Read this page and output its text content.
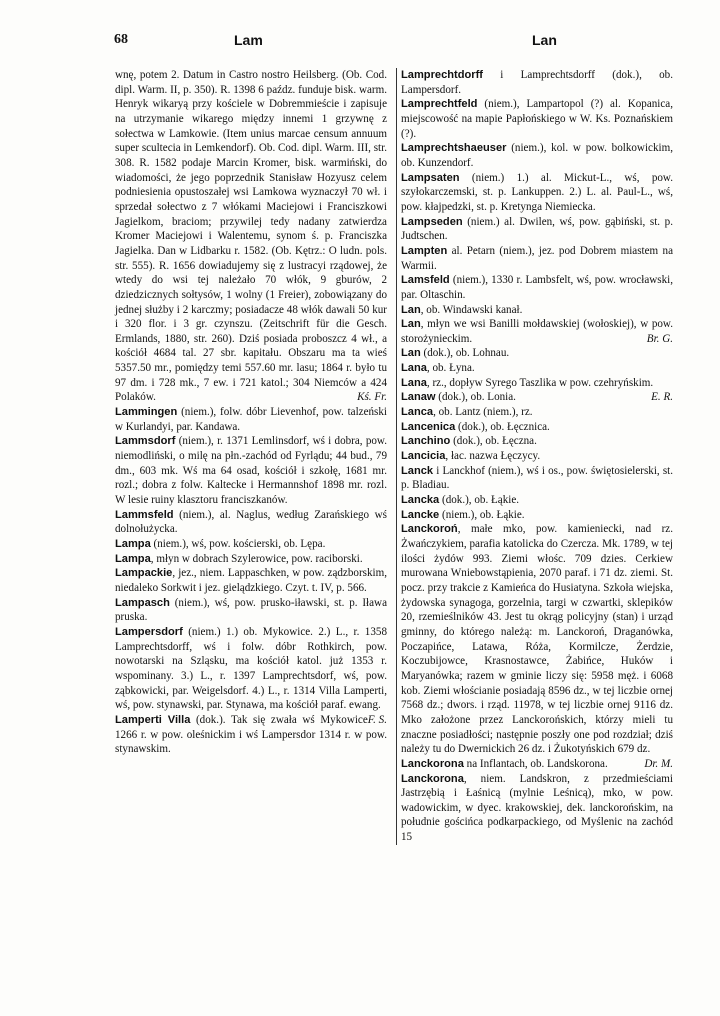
68	Lam	Lan

wnę, potem 2. Datum in Castro nostro Heilsberg. (Ob. Cod. dipl. Warm. II, p. 350). R. 1398 6 paźdz. funduje bisk. warm. Henryk wikaryą przy kościele w Dobremmieście i zapisuje na utrzymanie wikarego między innemi 1 grzywnę z sołectwa w Lamkowie. (Item unius marcae censum annuum super scultecia in Lemkendorf). Ob. Cod. dipl. Warm. III, str. 308. R. 1582 podaje Marcin Kromer, bisk. warmiński, do wiadomości, że jego poprzednik Stanisław Hozyusz celem podniesienia opustoszałej wsi Lamkowa wyznaczył 70 wł. i sprzedał sołectwo z 7 włókami Maciejowi i Franciszkowi Jagielkom, braciom; przywilej tedy nadany zatwierdza Kromer Maciejowi i Walentemu, synom ś. p. Franciszka Jagielka. Dan w Lidbarku r. 1582. (Ob. Kętrz.: O ludn. pols. str. 555). R. 1656 dowiadujemy się z lustracyi rządowej, że wtedy do wsi tej należało 70 włók, 9 gburów, 2 dziedzicznych sołtysów, 1 wolny (1 Freier), zobowiązany do jednej służby i 2 karczmy; posiadacze 48 włók dawali 50 kur i 320 flor. i 3 gr. czynszu. (Zeitschrift für die Gesch. Ermlands, 1880, str. 260). Dziś posiada proboszcz 4 wł., a kościół 4684 tal. 27 sbr. kapitału. Obszaru ma ta wieś 5357.50 mr., pomiędzy temi 557.60 mr. lasu; 1864 r. było tu 97 dm. i 728 mk., 7 ew. i 721 katol.; 304 Niemców a 424 Polaków.	Kś. Fr.

Lammingen (niem.), folw. dóbr Lievenhof, pow. talzeński w Kurlandyi, par. Kandawa.

Lammsdorf (niem.), r. 1371 Lemlinsdorf, wś i dobra, pow. niemodliński, o milę na płn.-zachód od Fyrlądu; 44 bud., 79 dm., 603 mk. Wś ma 64 osad, kościół i szkołę, 1681 mr. rozl.; dobra z folw. Kaltecke i Hermannshof 1898 mr. rozl. W lesie ruiny klasztoru franciszkanów.

Lammsfeld (niem.), al. Naglus, według Zarańskiego wś dolnołużycka.

Lampa (niem.), wś, pow. kościerski, ob. Lępa.

Lampa, młyn w dobrach Szylerowice, pow. raciborski.

Lampackie, jez., niem. Lappaschken, w pow. ządzborskim, niedaleko Sorkwit i jez. gielądzkiego. Czyt. t. IV, p. 566.

Lampasch (niem.), wś, pow. prusko-iławski, st. p. Iława pruska.

Lampersdorf (niem.) 1.) ob. Mykowice. 2.) L., r. 1358 Lamprechtsdorff, wś i folw. dóbr Rothkirch, pow. nowotarski na Szląsku, ma kościół katol. już 1353 r. wspominany. 3.) L., r. 1397 Lamprechtsdorf, wś, pow. ząbkowicki, par. Weigelsdorf. 4.) L., r. 1314 Villa Lamperti, wś, pow. stynawski, par. Stynawa, ma kościół paraf. ewang.
F. S.

Lamperti Villa (dok.). Tak się zwała wś Mykowice 1266 r. w pow. oleśnickim i wś Lampersdor 1314 r. w pow. stynawskim.

Lamprechtdorff i Lamprechtsdorff (dok.), ob. Lampersdorf.

Lamprechtfeld (niem.), Lampartopol (?) al. Kopanica, miejscowość na mapie Papłońskiego w W. Ks. Poznańskiem (?).

Lamprechtshaeuser (niem.), kol. w pow. bolkowickim, ob. Kunzendorf.

Lampsaten (niem.) 1.) al. Mickut-L., wś, pow. szyłokarczemski, st. p. Lankuppen. 2.) L. al. Paul-L., wś, pow. kłajpedzki, st. p. Kretynga Niemiecka.

Lampseden (niem.) al. Dwilen, wś, pow. gąbiński, st. p. Judtschen.

Lampten al. Petarn (niem.), jez. pod Dobrem miastem na Warmii.

Lamsfeld (niem.), 1330 r. Lambsfelt, wś, pow. wrocławski, par. Oltaschin.

Lan, ob. Windawski kanał.

Lan, młyn we wsi Banilli mołdawskiej (wołoskiej), w pow. storożynieckim.	Br. G.

Lan (dok.), ob. Lohnau.

Lana, ob. Łyna.

Lana, rz., dopływ Syrego Taszlika w pow. czehryńskim.
E. R.

Lanaw (dok.), ob. Lonia.

Lanca, ob. Lantz (niem.), rz.

Lancenica (dok.), ob. Łęcznica.

Lanchino (dok.), ob. Łęczna.

Lancicia, łac. nazwa Łęczycy.

Lanck i Lanckhof (niem.), wś i os., pow. świętosielerski, st. p. Bladiau.

Lancka (dok.), ob. Łąkie.

Lancke (niem.), ob. Łąkie.

Lanckoroń, małe mko, pow. kamieniecki, nad rz. Żwańczykiem, parafia katolicka do Czercza. Mk. 1789, w tej ilości żydów 993. Ziemi włośc. 709 dzies. Cerkiew murowana Wniebowstąpienia, 2070 paraf. i 71 dz. ziemi. St. pocz. przy trakcie z Kamieńca do Husiatyna. Szkoła wiejska, żydowska synagoga, gorzelnia, targi w czwartki, sklepików 20, rzemieślników 43. Jest tu okrąg policyjny (stan) i urząd gminny, do którego należą: m. Lanckoroń, Draganówka, Poczapińce, Latawa, Róża, Kormilcze, Żerdzie, Koczubijowce, Krasnostawce, Żabińce, Huków i Maryanówka; razem w gminie liczy się: 5958 męż. i 6068 kob. Ziemi włościanie posiadają 8596 dz., w tej liczbie ornej 7568 dz.; dwors. i rząd. 11978, w tej liczbie ornej 9116 dz. Mko założone przez Lanckorońskich, którzy mieli tu znaczne posiadłości; następnie poszły one pod rozdział; dziś należy tu do Dwernickich 26 dz. i Żukotyńskich 679 dz.
Dr. M.

Lanckorona na Inflantach, ob. Landskorona.

Lanckorona, niem. Landskron, z przedmieściami Jastrzębią i Łaśnicą (mylnie Leśnicą), mko, w pow. wadowickim, w dyec. krakowskiej, dek. lanckorońskim, na południe gościńca podkarpackiego, od Myślenic na zachód 15
